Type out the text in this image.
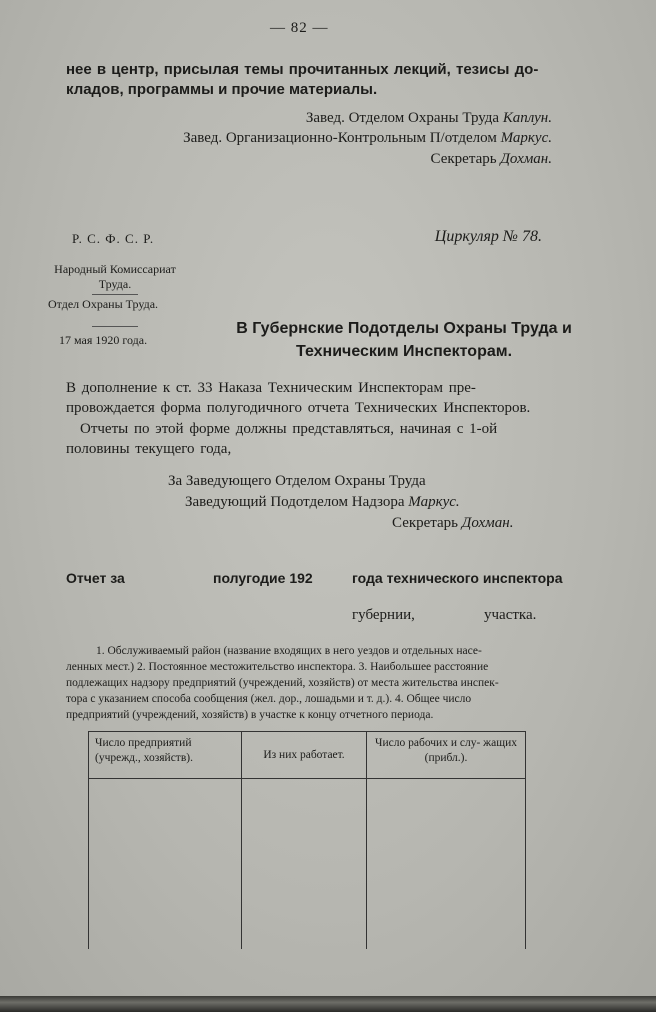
— 82 —
нее в центр, присылая темы прочитанных лекций, тезисы до-
кладов, программы и прочие материалы.
Завед. Отделом Охраны Труда Каплун.
Завед. Организационно-Контрольным П/отделом Маркус.
Секретарь Дохман.
Р. С. Ф. С. Р.	Циркуляр № 78.
Народный Комиссариат Труда.
Отдел Охраны Труда.
17 мая 1920 года.
В Губернские Подотделы Охраны Труда и Техническим Инспекторам.
В дополнение к ст. 33 Наказа Техническим Инспекторам пре-
провождается форма полугодичного отчета Технических Инспекторов.
Отчеты по этой форме должны представляться, начиная с 1-ой
половины текущего года,
За Заведующего Отделом Охраны Труда
Заведующий Подотделом Надзора Маркус.
Секретарь Дохман.
Отчет за	полугодие 192	года технического инспектора
губернии,	участка.
1. Обслуживаемый район (название входящих в него уездов и отдельных насе-
ленных мест.) 2. Постоянное местожительство инспектора. 3. Наибольшее расстояние
подлежащих надзору предприятий (учреждений, хозяйств) от места жительства инспек-
тора с указанием способа сообщения (жел. дор., лошадьми и т. д.). 4. Общее число
предприятий (учреждений, хозяйств) в участке к концу отчетного периода.
Число предприятий (учрежд., хозяйств).	Из них работает.	Число рабочих и слу- жащих (прибл.).
